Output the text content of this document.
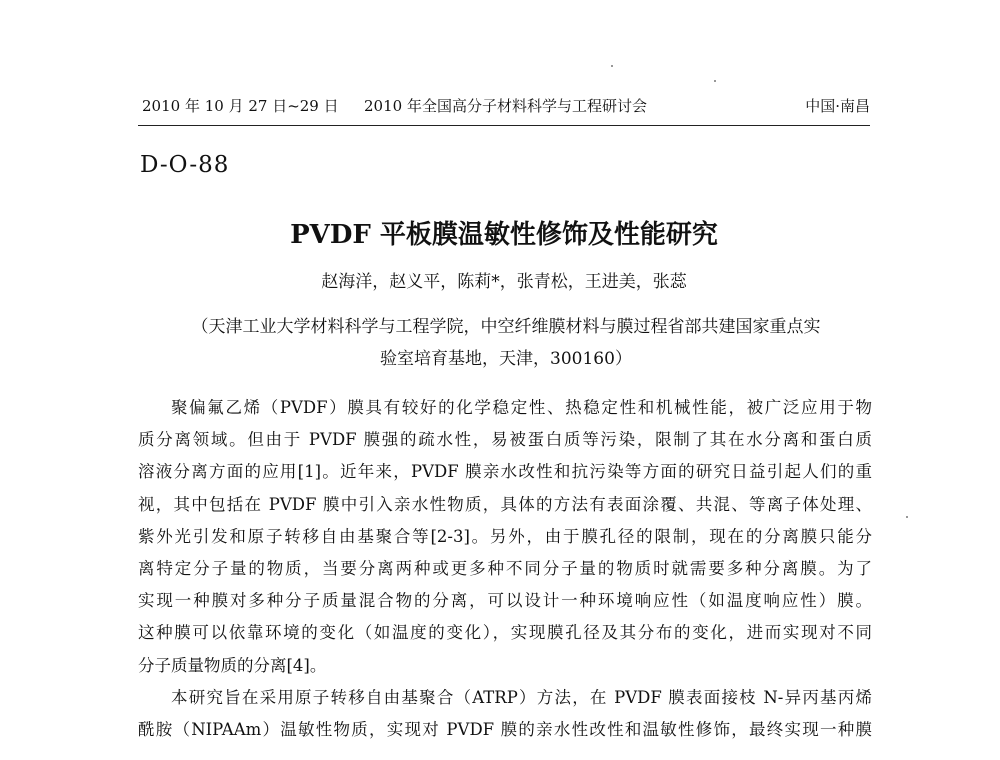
2010 年 10 月 27 日~29 日 2010 年全国高分子材料科学与工程研讨会	中国·南昌
D-O-88
PVDF 平板膜温敏性修饰及性能研究
赵海洋，赵义平，陈莉*，张青松，王进美，张蕊
（天津工业大学材料科学与工程学院，中空纤维膜材料与膜过程省部共建国家重点实
验室培育基地，天津，300160）
聚偏氟乙烯（PVDF）膜具有较好的化学稳定性、热稳定性和机械性能，被广泛应用于物
质分离领域。但由于 PVDF 膜强的疏水性，易被蛋白质等污染，限制了其在水分离和蛋白质
溶液分离方面的应用[1]。近年来，PVDF 膜亲水改性和抗污染等方面的研究日益引起人们的重
视，其中包括在 PVDF 膜中引入亲水性物质，具体的方法有表面涂覆、共混、等离子体处理、
紫外光引发和原子转移自由基聚合等[2-3]。另外，由于膜孔径的限制，现在的分离膜只能分
离特定分子量的物质，当要分离两种或更多种不同分子量的物质时就需要多种分离膜。为了
实现一种膜对多种分子质量混合物的分离，可以设计一种环境响应性（如温度响应性）膜。
这种膜可以依靠环境的变化（如温度的变化），实现膜孔径及其分布的变化，进而实现对不同
分子质量物质的分离[4]。
本研究旨在采用原子转移自由基聚合（ATRP）方法，在 PVDF 膜表面接枝 N-异丙基丙烯
酰胺（NIPAAm）温敏性物质，实现对 PVDF 膜的亲水性改性和温敏性修饰，最终实现一种膜
